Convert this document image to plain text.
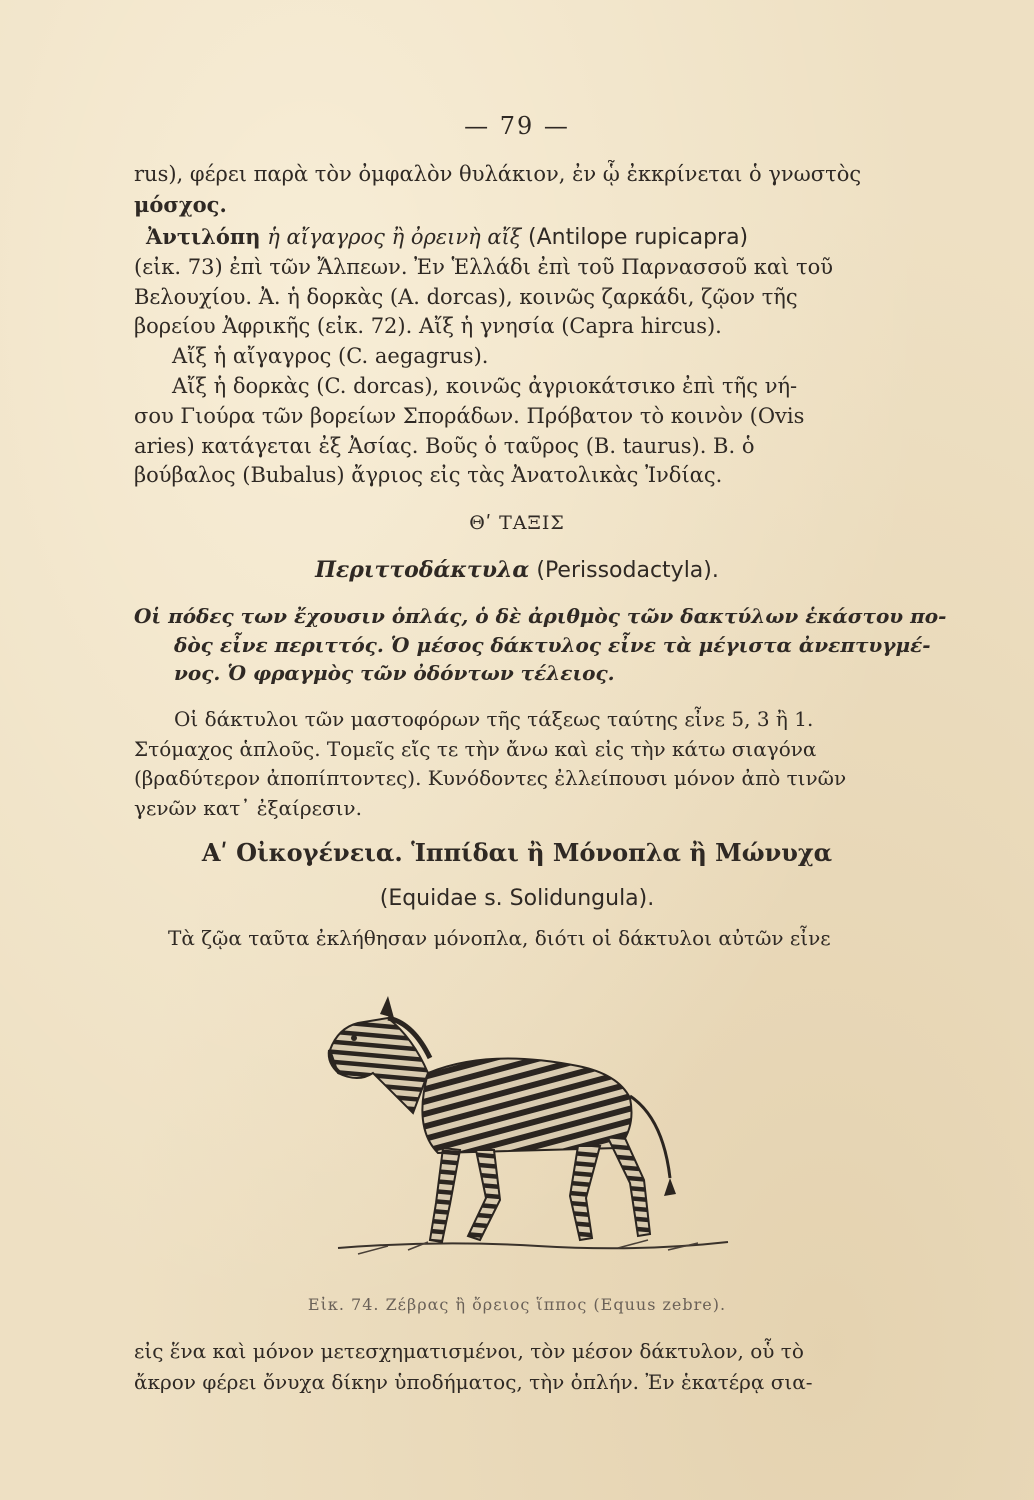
— 79 —
rus), φέρει παρὰ τὸν ὀμφαλὸν θυλάκιον, ἐν ᾧ ἐκκρίνεται ὁ γνωστὸς
μόσχος.
Ἀντιλόπη ἡ αἴγαγρος ἢ ὀρεινὴ αἴξ (Antilope rupicapra)
(εἰκ. 73) ἐπὶ τῶν Ἄλπεων. Ἐν Ἑλλάδι ἐπὶ τοῦ Παρνασσοῦ καὶ τοῦ
Βελουχίου. Ἀ. ἡ δορκὰς (A. dorcas), κοινῶς ζαρκάδι, ζῷον τῆς
βορείου Ἀφρικῆς (εἰκ. 72). Αἴξ ἡ γνησία (Capra hircus).
Αἴξ ἡ αἴγαγρος (C. aegagrus).
Αἴξ ἡ δορκὰς (C. dorcas), κοινῶς ἀγριοκάτσικο ἐπὶ τῆς νή-
σου Γιούρα τῶν βορείων Σποράδων. Πρόβατον τὸ κοινὸν (Ovis
aries) κατάγεται ἐξ Ἀσίας. Βοῦς ὁ ταῦρος (B. taurus). Β. ὁ
βούβαλος (Bubalus) ἄγριος εἰς τὰς Ἀνατολικὰς Ἰνδίας.
Θʹ ΤΑΞΙΣ
Περιττοδάκτυλα (Perissodactyla).
Οἱ πόδες των ἔχουσιν ὁπλάς, ὁ δὲ ἀριθμὸς τῶν δακτύλων ἑκάστου πο-
δὸς εἶνε περιττός. Ὁ μέσος δάκτυλος εἶνε τὰ μέγιστα ἀνεπτυγμέ-
νος. Ὁ φραγμὸς τῶν ὀδόντων τέλειος.
Οἱ δάκτυλοι τῶν μαστοφόρων τῆς τάξεως ταύτης εἶνε 5, 3 ἢ 1.
Στόμαχος ἁπλοῦς. Τομεῖς εἴς τε τὴν ἄνω καὶ εἰς τὴν κάτω σιαγόνα
(βραδύτερον ἀποπίπτοντες). Κυνόδοντες ἐλλείπουσι μόνον ἀπὸ τινῶν
γενῶν κατ᾽ ἐξαίρεσιν.
Αʹ Οἰκογένεια. Ἱππίδαι ἢ Μόνοπλα ἢ Μώνυχα
(Equidae s. Solidungula).
Τὰ ζῷα ταῦτα ἐκλήθησαν μόνοπλα, διότι οἱ δάκτυλοι αὐτῶν εἶνε
Εἰκ. 74. Ζέβρας ἢ ὄρειος ἵππος (Equus zebre).
εἰς ἕνα καὶ μόνον μετεσχηματισμένοι, τὸν μέσον δάκτυλον, οὗ τὸ
ἄκρον φέρει ὄνυχα δίκην ὑποδήματος, τὴν ὁπλήν. Ἐν ἑκατέρᾳ σια-
